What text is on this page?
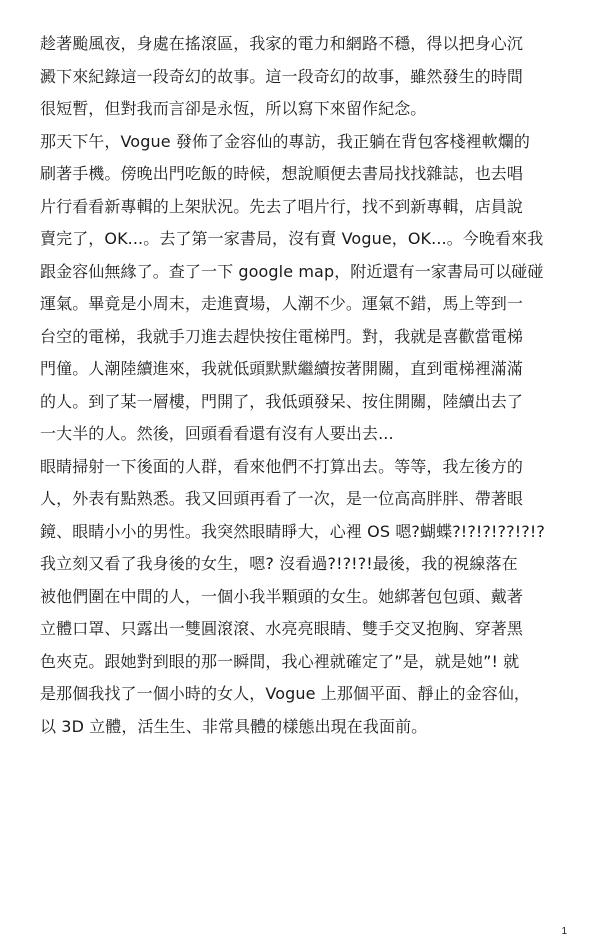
趁著颱風夜，身處在搖滾區，我家的電力和網路不穩，得以把身心沉
澱下來紀錄這一段奇幻的故事。這一段奇幻的故事，雖然發生的時間
很短暫，但對我而言卻是永恆，所以寫下來留作紀念。
那天下午，Vogue 發佈了金容仙的專訪，我正躺在背包客棧裡軟爛的
刷著手機。傍晚出門吃飯的時候，想說順便去書局找找雜誌，也去唱
片行看看新專輯的上架狀況。先去了唱片行，找不到新專輯，店員說
賣完了，OK...。去了第一家書局，沒有賣 Vogue，OK...。今晚看來我
跟金容仙無緣了。查了一下 google map，附近還有一家書局可以碰碰
運氣。畢竟是小周末，走進賣場，人潮不少。運氣不錯，馬上等到一
台空的電梯，我就手刀進去趕快按住電梯門。對，我就是喜歡當電梯
門僮。人潮陸續進來，我就低頭默默繼續按著開關，直到電梯裡滿滿
的人。到了某一層樓，門開了，我低頭發呆、按住開關，陸續出去了
一大半的人。然後，回頭看看還有沒有人要出去...
眼睛掃射一下後面的人群，看來他們不打算出去。等等，我左後方的
人，外表有點熟悉。我又回頭再看了一次，是一位高高胖胖、帶著眼
鏡、眼睛小小的男性。我突然眼睛睜大，心裡 OS 嗯?蝴蝶?!?!?!??!?!?
我立刻又看了我身後的女生，嗯? 沒看過?!?!?!最後，我的視線落在
被他們圍在中間的人，一個小我半顆頭的女生。她綁著包包頭、戴著
立體口罩、只露出一雙圓滾滾、水亮亮眼睛、雙手交叉抱胸、穿著黑
色夾克。跟她對到眼的那一瞬間，我心裡就確定了”是，就是她”! 就
是那個我找了一個小時的女人，Vogue 上那個平面、靜止的金容仙，
以 3D 立體，活生生、非常具體的樣態出現在我面前。
1
